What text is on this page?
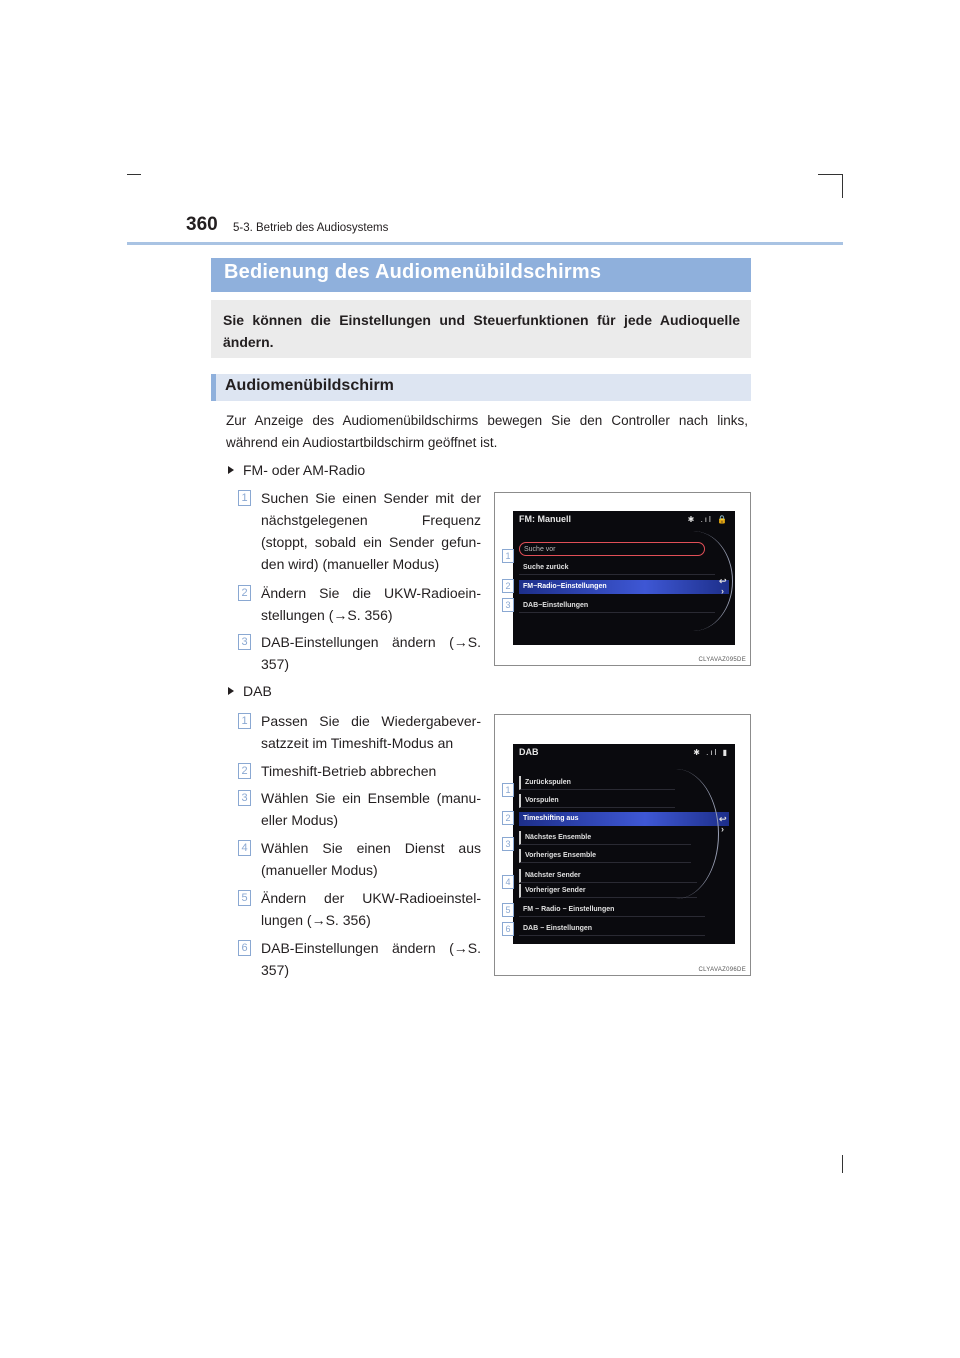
360 5-3. Betrieb des Audiosystems
Bedienung des Audiomenübildschirms
Sie können die Einstellungen und Steuerfunktionen für jede Audioquelle ändern.
Audiomenübildschirm
Zur Anzeige des Audiomenübildschirms bewegen Sie den Controller nach links, während ein Audiostartbildschirm geöffnet ist.
FM- oder AM-Radio
1 Suchen Sie einen Sender mit der nächstgelegenen Frequenz (stoppt, sobald ein Sender gefun-den wird) (manueller Modus)
2 Ändern Sie die UKW-Radioein-stellungen (→S. 356)
3 DAB-Einstellungen ändern (→S. 357)
FM: Manuell	✱ .ıl 🔒
Suche vor
Suche zurück
FM−Radio−Einstellungen
DAB−Einstellungen
↩
›
1
2
3
CLYAVAZ095DE
DAB
1 Passen Sie die Wiedergabever-satzzeit im Timeshift-Modus an
2 Timeshift-Betrieb abbrechen
3 Wählen Sie ein Ensemble (manu-eller Modus)
4 Wählen Sie einen Dienst aus (manueller Modus)
5 Ändern der UKW-Radioeinstel-lungen (→S. 356)
6 DAB-Einstellungen ändern (→S. 357)
DAB	✱ .ıl ▮
Zurückspulen
Vorspulen
Timeshifting aus
Nächstes Ensemble
Vorheriges Ensemble
Nächster Sender
Vorheriger Sender
FM − Radio − Einstellungen
DAB − Einstellungen
↩
›
1
2
3
4
5
6
CLYAVAZ096DE
